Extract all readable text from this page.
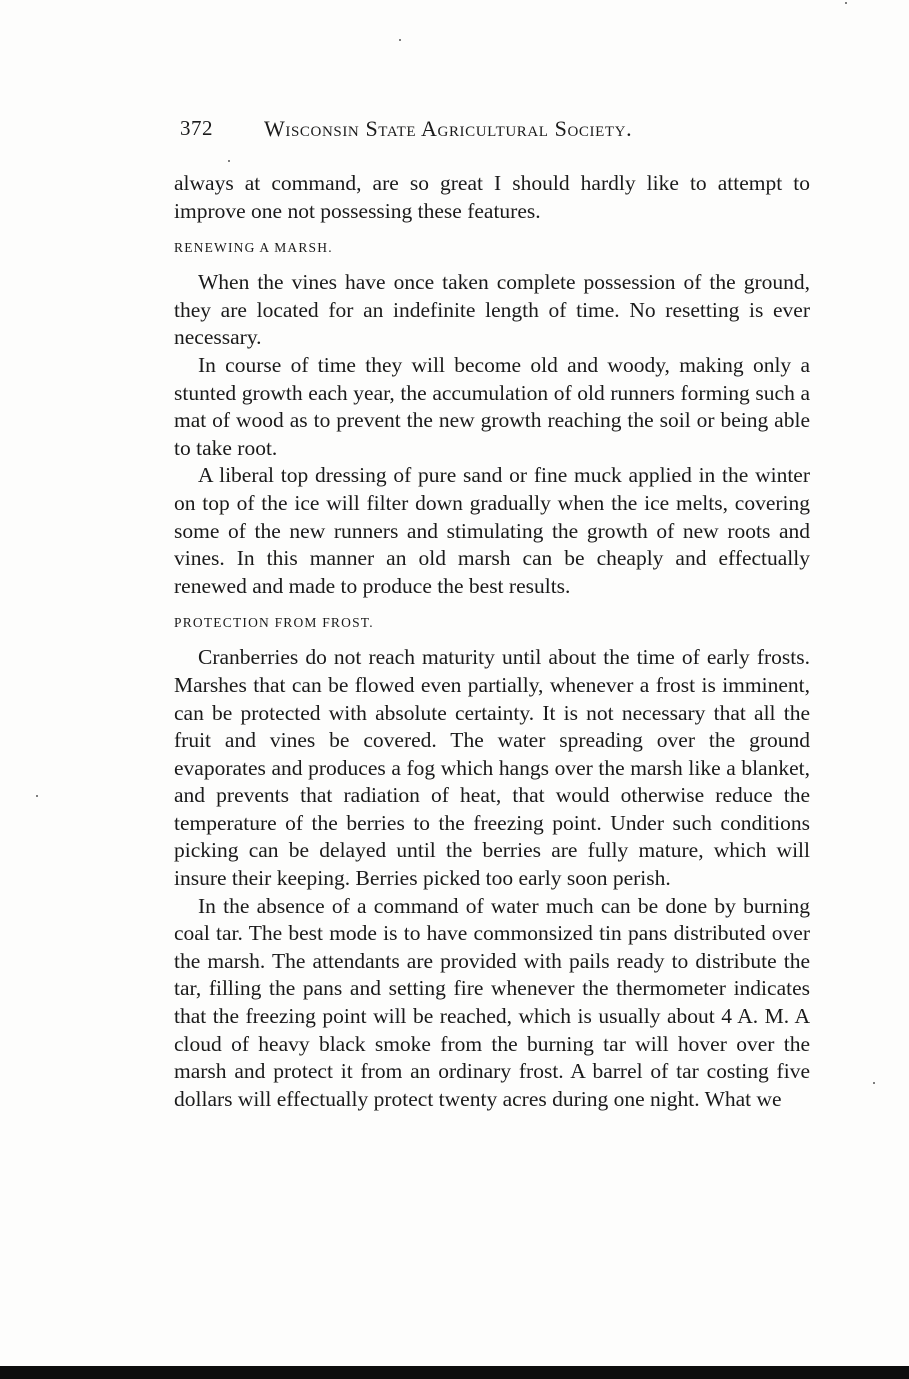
372 Wisconsin State Agricultural Society.

always at command, are so great I should hardly like to attempt to improve one not possessing these features.

RENEWING A MARSH.

When the vines have once taken complete possession of the ground, they are located for an indefinite length of time. No resetting is ever necessary.

In course of time they will become old and woody, making only a stunted growth each year, the accumulation of old runners forming such a mat of wood as to prevent the new growth reaching the soil or being able to take root.

A liberal top dressing of pure sand or fine muck applied in the winter on top of the ice will filter down gradually when the ice melts, covering some of the new runners and stimulating the growth of new roots and vines. In this manner an old marsh can be cheaply and effectually renewed and made to produce the best results.

PROTECTION FROM FROST.

Cranberries do not reach maturity until about the time of early frosts. Marshes that can be flowed even partially, whenever a frost is imminent, can be protected with absolute certainty. It is not necessary that all the fruit and vines be covered. The water spreading over the ground evaporates and produces a fog which hangs over the marsh like a blanket, and prevents that radiation of heat, that would otherwise reduce the temperature of the berries to the freezing point. Under such conditions picking can be delayed until the berries are fully mature, which will insure their keeping. Berries picked too early soon perish.

In the absence of a command of water much can be done by burning coal tar. The best mode is to have commonsized tin pans distributed over the marsh. The attendants are provided with pails ready to distribute the tar, filling the pans and setting fire whenever the thermometer indicates that the freezing point will be reached, which is usually about 4 A. M. A cloud of heavy black smoke from the burning tar will hover over the marsh and protect it from an ordinary frost. A barrel of tar costing five dollars will effectually protect twenty acres during one night. What we
